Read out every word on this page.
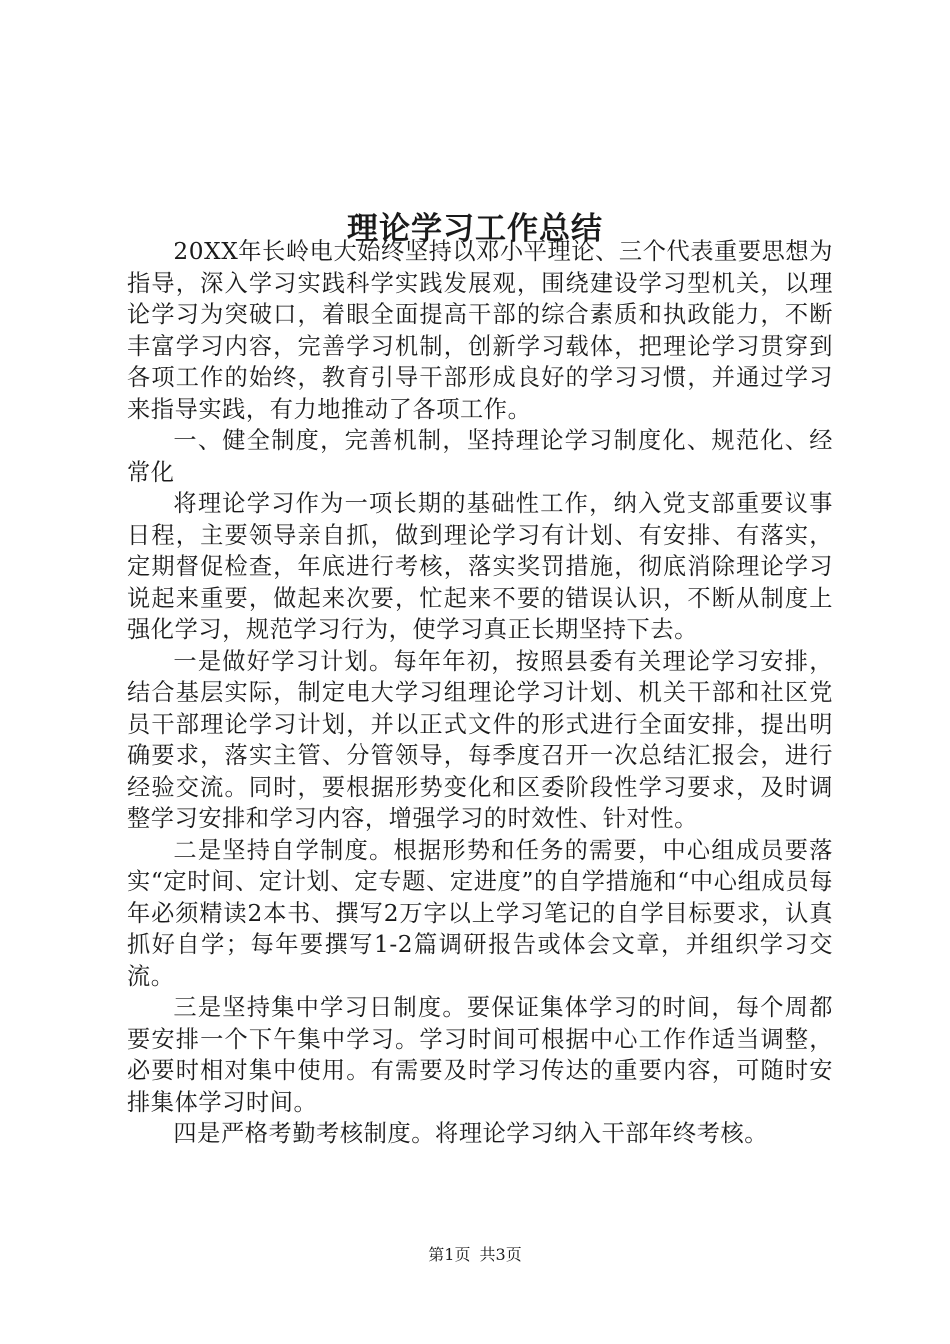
理论学习工作总结

20XX年长岭电大始终坚持以邓小平理论、三个代表重要思想为指导，深入学习实践科学实践发展观，围绕建设学习型机关，以理论学习为突破口，着眼全面提高干部的综合素质和执政能力，不断丰富学习内容，完善学习机制，创新学习载体，把理论学习贯穿到各项工作的始终，教育引导干部形成良好的学习习惯，并通过学习来指导实践，有力地推动了各项工作。

一、健全制度，完善机制，坚持理论学习制度化、规范化、经常化

将理论学习作为一项长期的基础性工作，纳入党支部重要议事日程，主要领导亲自抓，做到理论学习有计划、有安排、有落实，定期督促检查，年底进行考核，落实奖罚措施，彻底消除理论学习说起来重要，做起来次要，忙起来不要的错误认识，不断从制度上强化学习，规范学习行为，使学习真正长期坚持下去。

一是做好学习计划。每年年初，按照县委有关理论学习安排，结合基层实际，制定电大学习组理论学习计划、机关干部和社区党员干部理论学习计划，并以正式文件的形式进行全面安排，提出明确要求，落实主管、分管领导，每季度召开一次总结汇报会，进行经验交流。同时，要根据形势变化和区委阶段性学习要求，及时调整学习安排和学习内容，增强学习的时效性、针对性。

二是坚持自学制度。根据形势和任务的需要，中心组成员要落实“定时间、定计划、定专题、定进度”的自学措施和“中心组成员每年必须精读2本书、撰写2万字以上学习笔记的自学目标要求，认真抓好自学；每年要撰写1-2篇调研报告或体会文章，并组织学习交流。

三是坚持集中学习日制度。要保证集体学习的时间，每个周都要安排一个下午集中学习。学习时间可根据中心工作作适当调整，必要时相对集中使用。有需要及时学习传达的重要内容，可随时安排集体学习时间。

四是严格考勤考核制度。将理论学习纳入干部年终考核。

第1页 共3页
